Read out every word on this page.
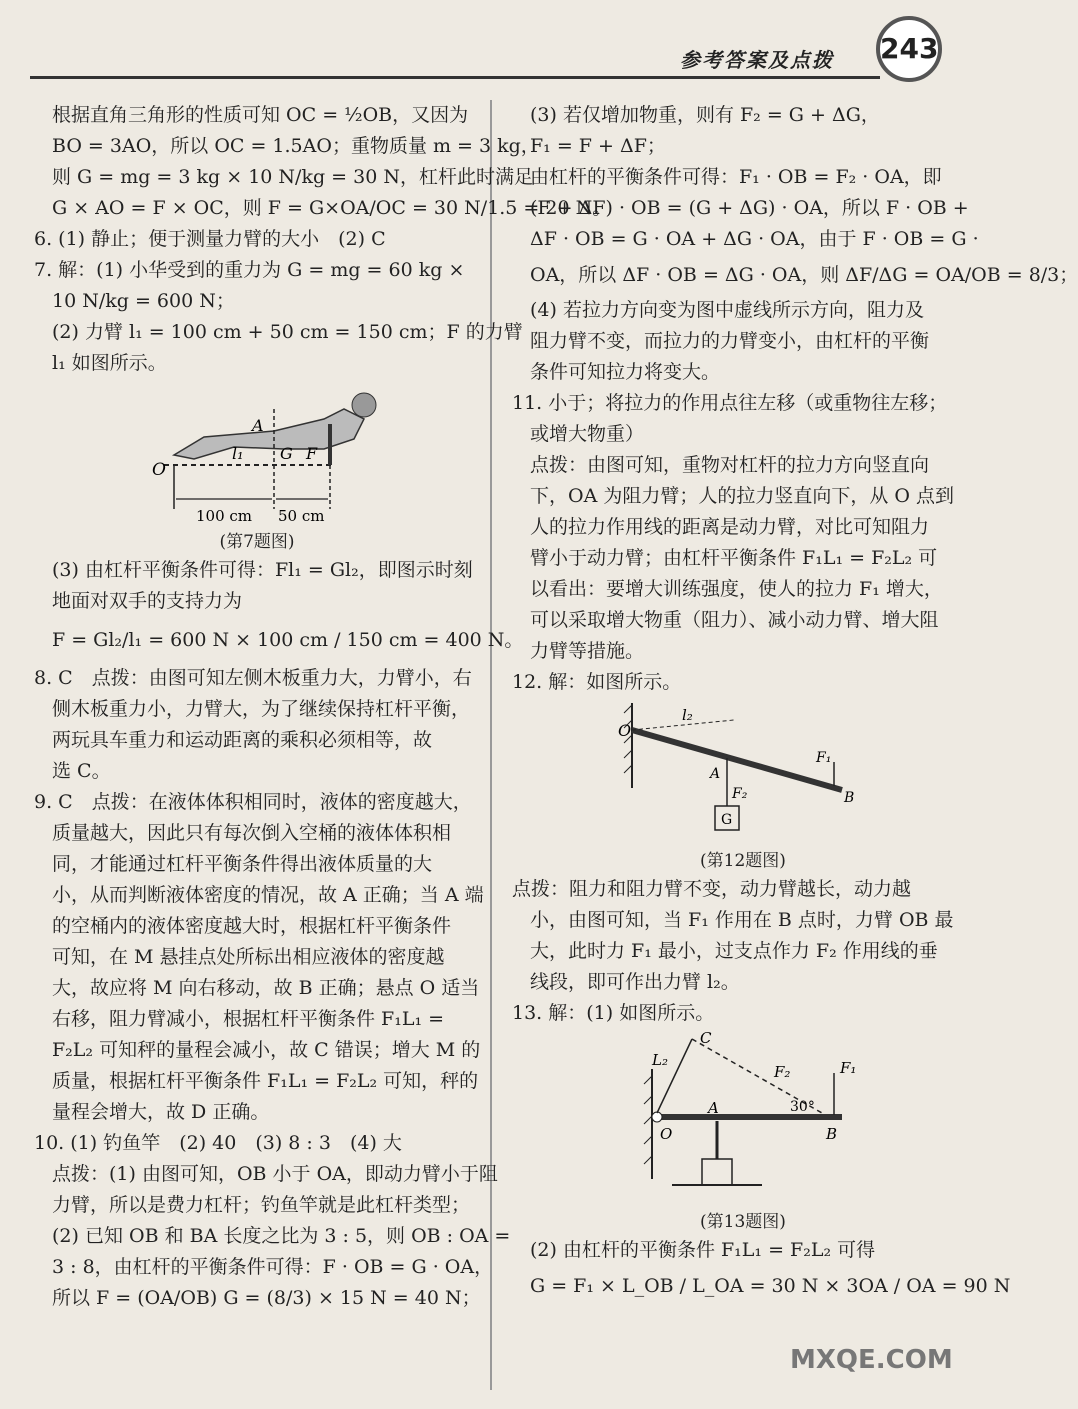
参考答案及点拨 243
根据直角三角形的性质可知 OC = ½OB，又因为
BO = 3AO，所以 OC = 1.5AO；重物质量 m = 3 kg，
则 G = mg = 3 kg × 10 N/kg = 30 N，杠杆此时满足
G × AO = F × OC，则 F = G×OA/OC = 30 N/1.5 = 20 N。
6. (1) 静止；便于测量力臂的大小　(2) C
7. 解：(1) 小华受到的重力为 G = mg = 60 kg ×
10 N/kg = 600 N；
(2) 力臂 l₁ = 100 cm + 50 cm = 150 cm；F 的力臂
l₁ 如图所示。
O
A
l₁ G F
100 cm 50 cm
(第7题图)
(3) 由杠杆平衡条件可得：Fl₁ = Gl₂，即图示时刻
地面对双手的支持力为
F = Gl₂/l₁ = 600 N × 100 cm / 150 cm = 400 N。
8. C　点拨：由图可知左侧木板重力大，力臂小，右
侧木板重力小，力臂大，为了继续保持杠杆平衡，
两玩具车重力和运动距离的乘积必须相等，故
选 C。
9. C　点拨：在液体体积相同时，液体的密度越大，
质量越大，因此只有每次倒入空桶的液体体积相
同，才能通过杠杆平衡条件得出液体质量的大
小，从而判断液体密度的情况，故 A 正确；当 A 端
的空桶内的液体密度越大时，根据杠杆平衡条件
可知，在 M 悬挂点处所标出相应液体的密度越
大，故应将 M 向右移动，故 B 正确；悬点 O 适当
右移，阻力臂减小，根据杠杆平衡条件 F₁L₁ =
F₂L₂ 可知秤的量程会减小，故 C 错误；增大 M 的
质量，根据杠杆平衡条件 F₁L₁ = F₂L₂ 可知，秤的
量程会增大，故 D 正确。
10. (1) 钓鱼竿　(2) 40　(3) 8 : 3　(4) 大
点拨：(1) 由图可知，OB 小于 OA，即动力臂小于阻
力臂，所以是费力杠杆；钓鱼竿就是此杠杆类型；
(2) 已知 OB 和 BA 长度之比为 3 : 5，则 OB : OA =
3 : 8，由杠杆的平衡条件可得：F · OB = G · OA，
所以 F = (OA/OB) G = (8/3) × 15 N = 40 N；
(3) 若仅增加物重，则有 F₂ = G + ΔG，
F₁ = F + ΔF；
由杠杆的平衡条件可得：F₁ · OB = F₂ · OA，即
(F + ΔF) · OB = (G + ΔG) · OA，所以 F · OB +
ΔF · OB = G · OA + ΔG · OA，由于 F · OB = G ·
OA，所以 ΔF · OB = ΔG · OA，则 ΔF/ΔG = OA/OB = 8/3；
(4) 若拉力方向变为图中虚线所示方向，阻力及
阻力臂不变，而拉力的力臂变小，由杠杆的平衡
条件可知拉力将变大。
11. 小于；将拉力的作用点往左移（或重物往左移；
或增大物重）
点拨：由图可知，重物对杠杆的拉力方向竖直向
下，OA 为阻力臂；人的拉力竖直向下，从 O 点到
人的拉力作用线的距离是动力臂，对比可知阻力
臂小于动力臂；由杠杆平衡条件 F₁L₁ = F₂L₂ 可
以看出：要增大训练强度，使人的拉力 F₁ 增大，
可以采取增大物重（阻力）、减小动力臂、增大阻
力臂等措施。
12. 解：如图所示。
O
l₂
G
A
F₂
F₁
B
(第12题图)
点拨：阻力和阻力臂不变，动力臂越长，动力越
小，由图可知，当 F₁ 作用在 B 点时，力臂 OB 最
大，此时力 F₁ 最小，过支点作力 F₂ 作用线的垂
线段，即可作出力臂 l₂。
13. 解：(1) 如图所示。
C
L₂
F₂	F₁
A
O	B
30°
(第13题图)
(2) 由杠杆的平衡条件 F₁L₁ = F₂L₂ 可得
G = F₁ × L_OB / L_OA = 30 N × 3OA / OA = 90 N
MXQE.COM
